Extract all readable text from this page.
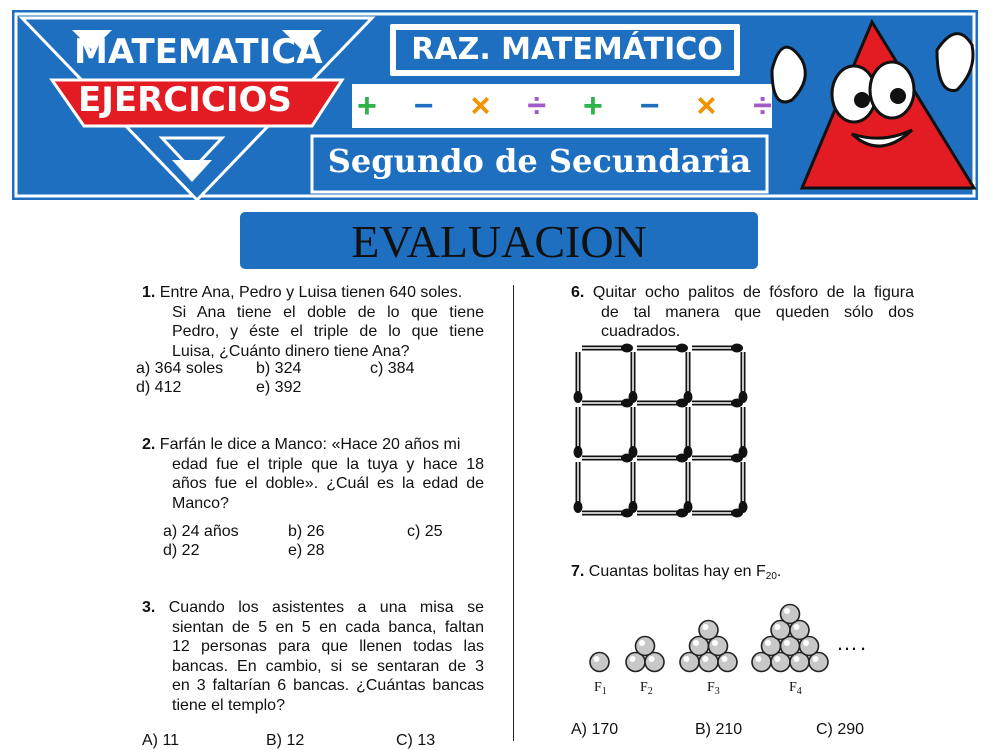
MATEMATICA
EJERCICIOS
RAZ. MATEMÁTICO
Segundo de Secundaria
+ − × ÷ + − × ÷
EVALUACION
1. Entre Ana, Pedro y Luisa tienen 640 soles.
Si Ana tiene el doble de lo que tiene
Pedro, y éste el triple de lo que tiene
Luisa, ¿Cuánto dinero tiene Ana?
a) 364 soles b) 324	c) 384
d) 412	e) 392
2. Farfán le dice a Manco: «Hace 20 años mi
edad fue el triple que la tuya y hace 18
años fue el doble». ¿Cuál es la edad de
Manco?
a) 24 años	b) 26	c) 25
d) 22	e) 28
3. Cuando los asistentes a una misa se
sientan de 5 en 5 en cada banca, faltan
12 personas para que llenen todas las
bancas. En cambio, si se sentaran de 3
en 3 faltarían 6 bancas. ¿Cuántas bancas
tiene el templo?
A) 11	B) 12	C) 13
6. Quitar ocho palitos de fósforo de la figura
de tal manera que queden sólo dos
cuadrados.
7. Cuantas bolitas hay en $F_{20}$.
$F_1$ $F_2$	$F_3$	$F_4$
….
A) 170	B) 210	C) 290
